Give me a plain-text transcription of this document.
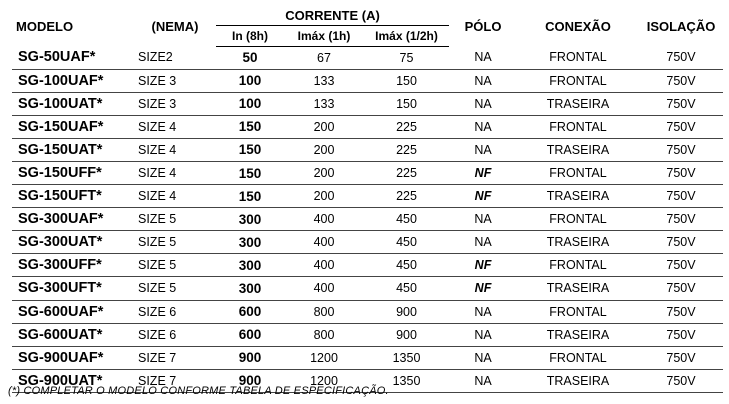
MODELO	(NEMA)	CORRENTE (A)			PÓLO	CONEXÃO	ISOLAÇÃO
		In (8h)	Imáx (1h)	Imáx (1/2h)			
SG-50UAF*	SIZE2	50	67	75	NA	FRONTAL	750V
SG-100UAF*	SIZE 3	100	133	150	NA	FRONTAL	750V
SG-100UAT*	SIZE 3	100	133	150	NA	TRASEIRA	750V
SG-150UAF*	SIZE 4	150	200	225	NA	FRONTAL	750V
SG-150UAT*	SIZE 4	150	200	225	NA	TRASEIRA	750V
SG-150UFF*	SIZE 4	150	200	225	NF	FRONTAL	750V
SG-150UFT*	SIZE 4	150	200	225	NF	TRASEIRA	750V
SG-300UAF*	SIZE 5	300	400	450	NA	FRONTAL	750V
SG-300UAT*	SIZE 5	300	400	450	NA	TRASEIRA	750V
SG-300UFF*	SIZE 5	300	400	450	NF	FRONTAL	750V
SG-300UFT*	SIZE 5	300	400	450	NF	TRASEIRA	750V
SG-600UAF*	SIZE 6	600	800	900	NA	FRONTAL	750V
SG-600UAT*	SIZE 6	600	800	900	NA	TRASEIRA	750V
SG-900UAF*	SIZE 7	900	1200	1350	NA	FRONTAL	750V
SG-900UAT*	SIZE 7	900	1200	1350	NA	TRASEIRA	750V
(*) COMPLETAR O MODELO CONFORME TABELA DE ESPECIFICAÇÃO.
